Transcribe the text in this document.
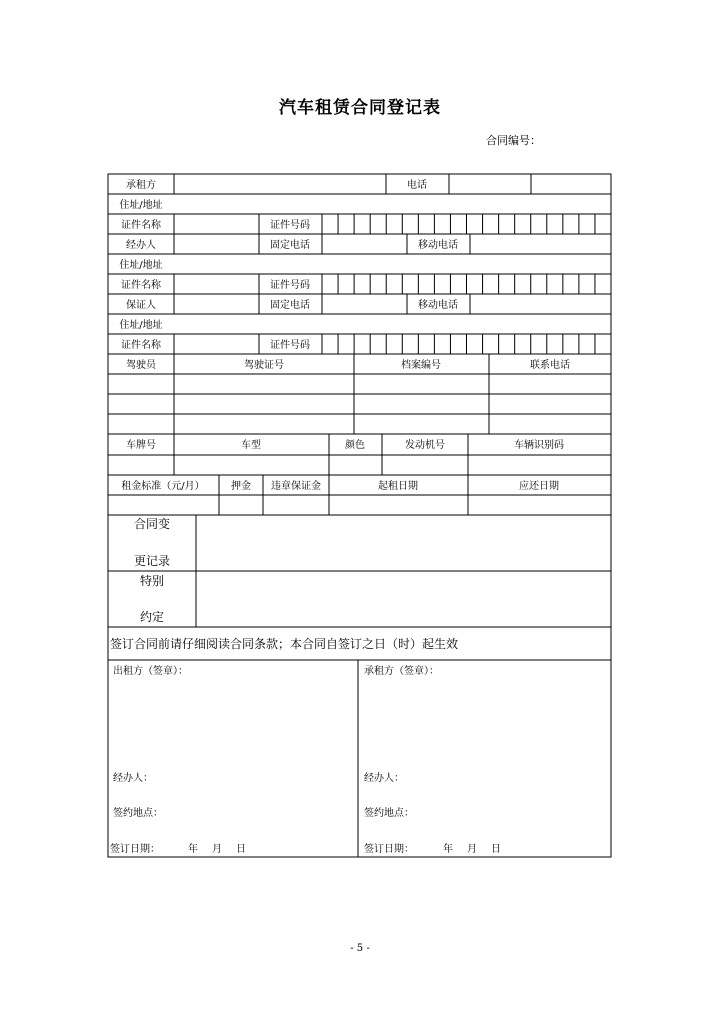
汽车租赁合同登记表
合同编号：
承租方	电话
住址/地址
证件名称	证件号码
经办人	固定电话	移动电话
住址/地址
证件名称	证件号码
保证人	固定电话	移动电话
住址/地址
证件名称	证件号码
驾驶员	驾驶证号	档案编号	联系电话
车牌号	车型	颜色	发动机号	车辆识别码
租金标准（元/月）	押金 违章保证金	起租日期	应还日期
合同变
更记录
特别
约定
签订合同前请仔细阅读合同条款；本合同自签订之日（时）起生效
出租方（签章）：	承租方（签章）：
经办人：	经办人：
签约地点：	签约地点：
签订日期：	年 月 日	签订日期：	年 月 日
- 5 -
